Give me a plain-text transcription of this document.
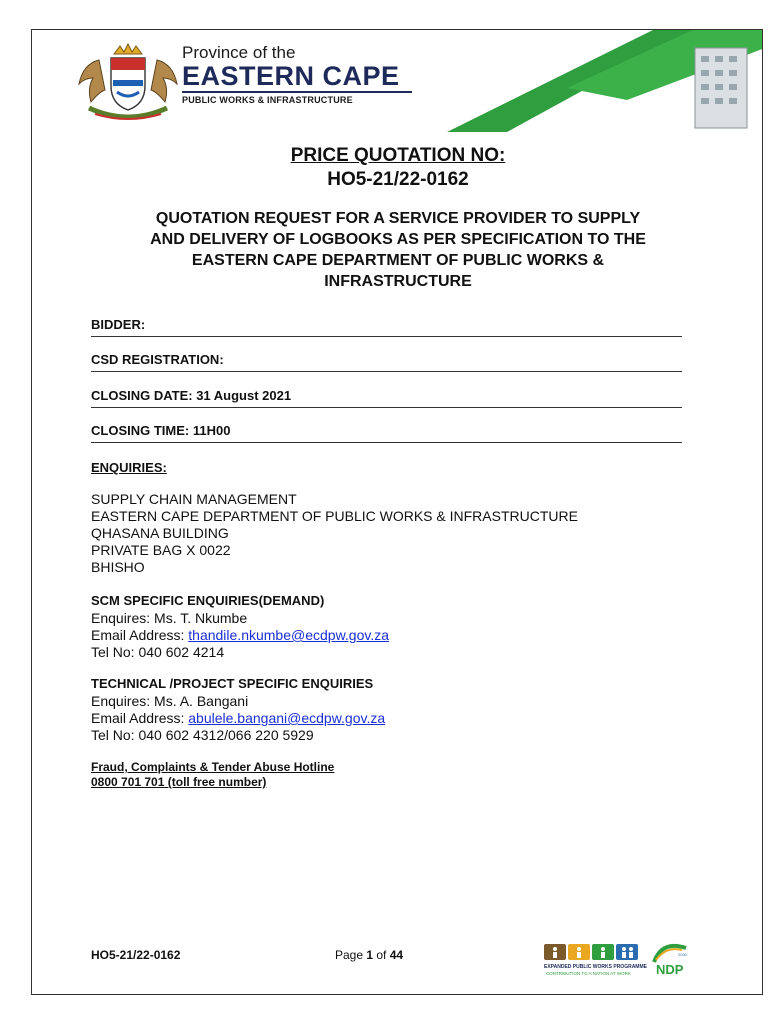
Province of the
EASTERN CAPE
PUBLIC WORKS & INFRASTRUCTURE
PRICE QUOTATION NO:
HO5-21/22-0162
QUOTATION REQUEST FOR A SERVICE PROVIDER TO SUPPLY
AND DELIVERY OF LOGBOOKS AS PER SPECIFICATION TO THE
EASTERN CAPE DEPARTMENT OF PUBLIC WORKS &
INFRASTRUCTURE
BIDDER:
CSD REGISTRATION:
CLOSING DATE: 31 August 2021
CLOSING TIME: 11H00
ENQUIRIES:
SUPPLY CHAIN MANAGEMENT
EASTERN CAPE DEPARTMENT OF PUBLIC WORKS & INFRASTRUCTURE
QHASANA BUILDING
PRIVATE BAG X 0022
BHISHO
SCM SPECIFIC ENQUIRIES(DEMAND)
Enquires: Ms. T. Nkumbe
Email Address: thandile.nkumbe@ecdpw.gov.za
Tel No: 040 602 4214
TECHNICAL /PROJECT SPECIFIC ENQUIRIES
Enquires: Ms. A. Bangani
Email Address: abulele.bangani@ecdpw.gov.za
Tel No: 040 602 4312/066 220 5929
Fraud, Complaints & Tender Abuse Hotline
0800 701 701 (toll free number)
HO5-21/22-0162	Page 1 of 44
EXPANDED PUBLIC WORKS PROGRAMME
CONTRIBUTION TO A NATION AT WORK
2030
NDP
